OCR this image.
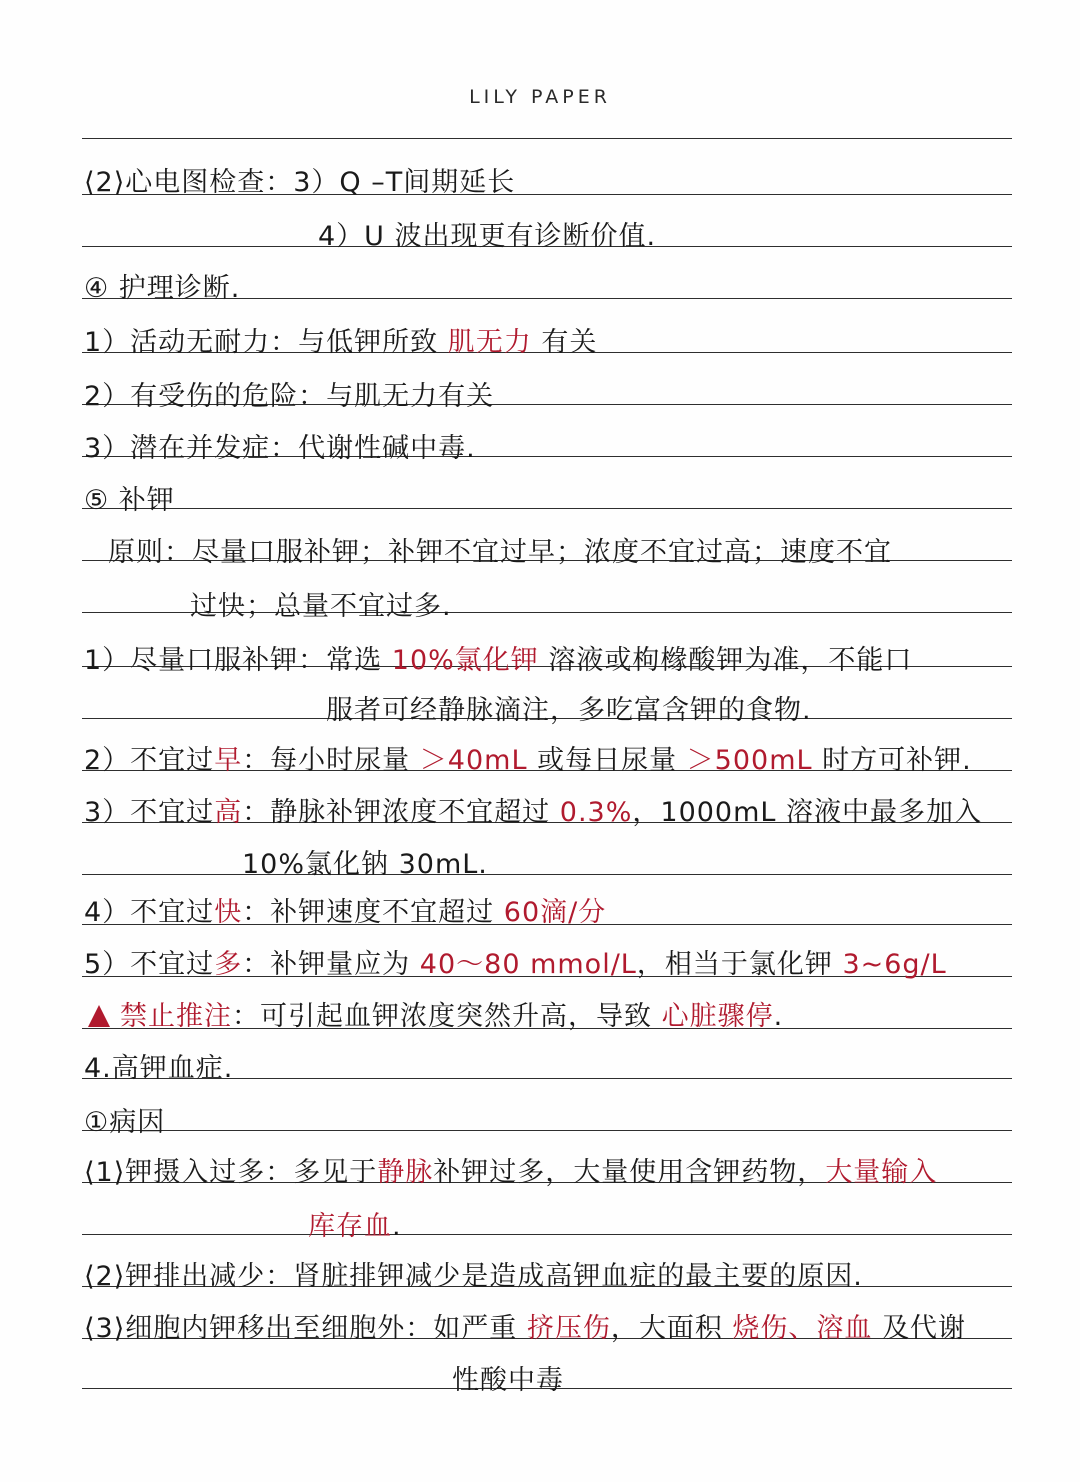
LILY PAPER
⟨2⟩心电图检查：3）Q –T间期延长
4）U 波出现更有诊断价值.
④ 护理诊断.
1）活动无耐力：与低钾所致 肌无力 有关
2）有受伤的危险：与肌无力有关
3）潜在并发症：代谢性碱中毒.
⑤ 补钾
原则：尽量口服补钾；补钾不宜过早；浓度不宜过高；速度不宜
过快；总量不宜过多.
1）尽量口服补钾：常选 10%氯化钾 溶液或枸橼酸钾为准，不能口
服者可经静脉滴注，多吃富含钾的食物.
2）不宜过早：每小时尿量 ＞40mL 或每日尿量 ＞500mL 时方可补钾.
3）不宜过高：静脉补钾浓度不宜超过 0.3%，1000mL 溶液中最多加入
10%氯化钠 30mL.
4）不宜过快：补钾速度不宜超过 60滴/分
5）不宜过多：补钾量应为 40～80 mmol/L，相当于氯化钾 3~6g/L
禁止推注：可引起血钾浓度突然升高，导致 心脏骤停.
4.高钾血症.
①病因
⟨1⟩钾摄入过多：多见于静脉补钾过多，大量使用含钾药物，大量输入
库存血.
⟨2⟩钾排出减少：肾脏排钾减少是造成高钾血症的最主要的原因.
⟨3⟩细胞内钾移出至细胞外：如严重 挤压伤，大面积 烧伤、溶血 及代谢
性酸中毒
